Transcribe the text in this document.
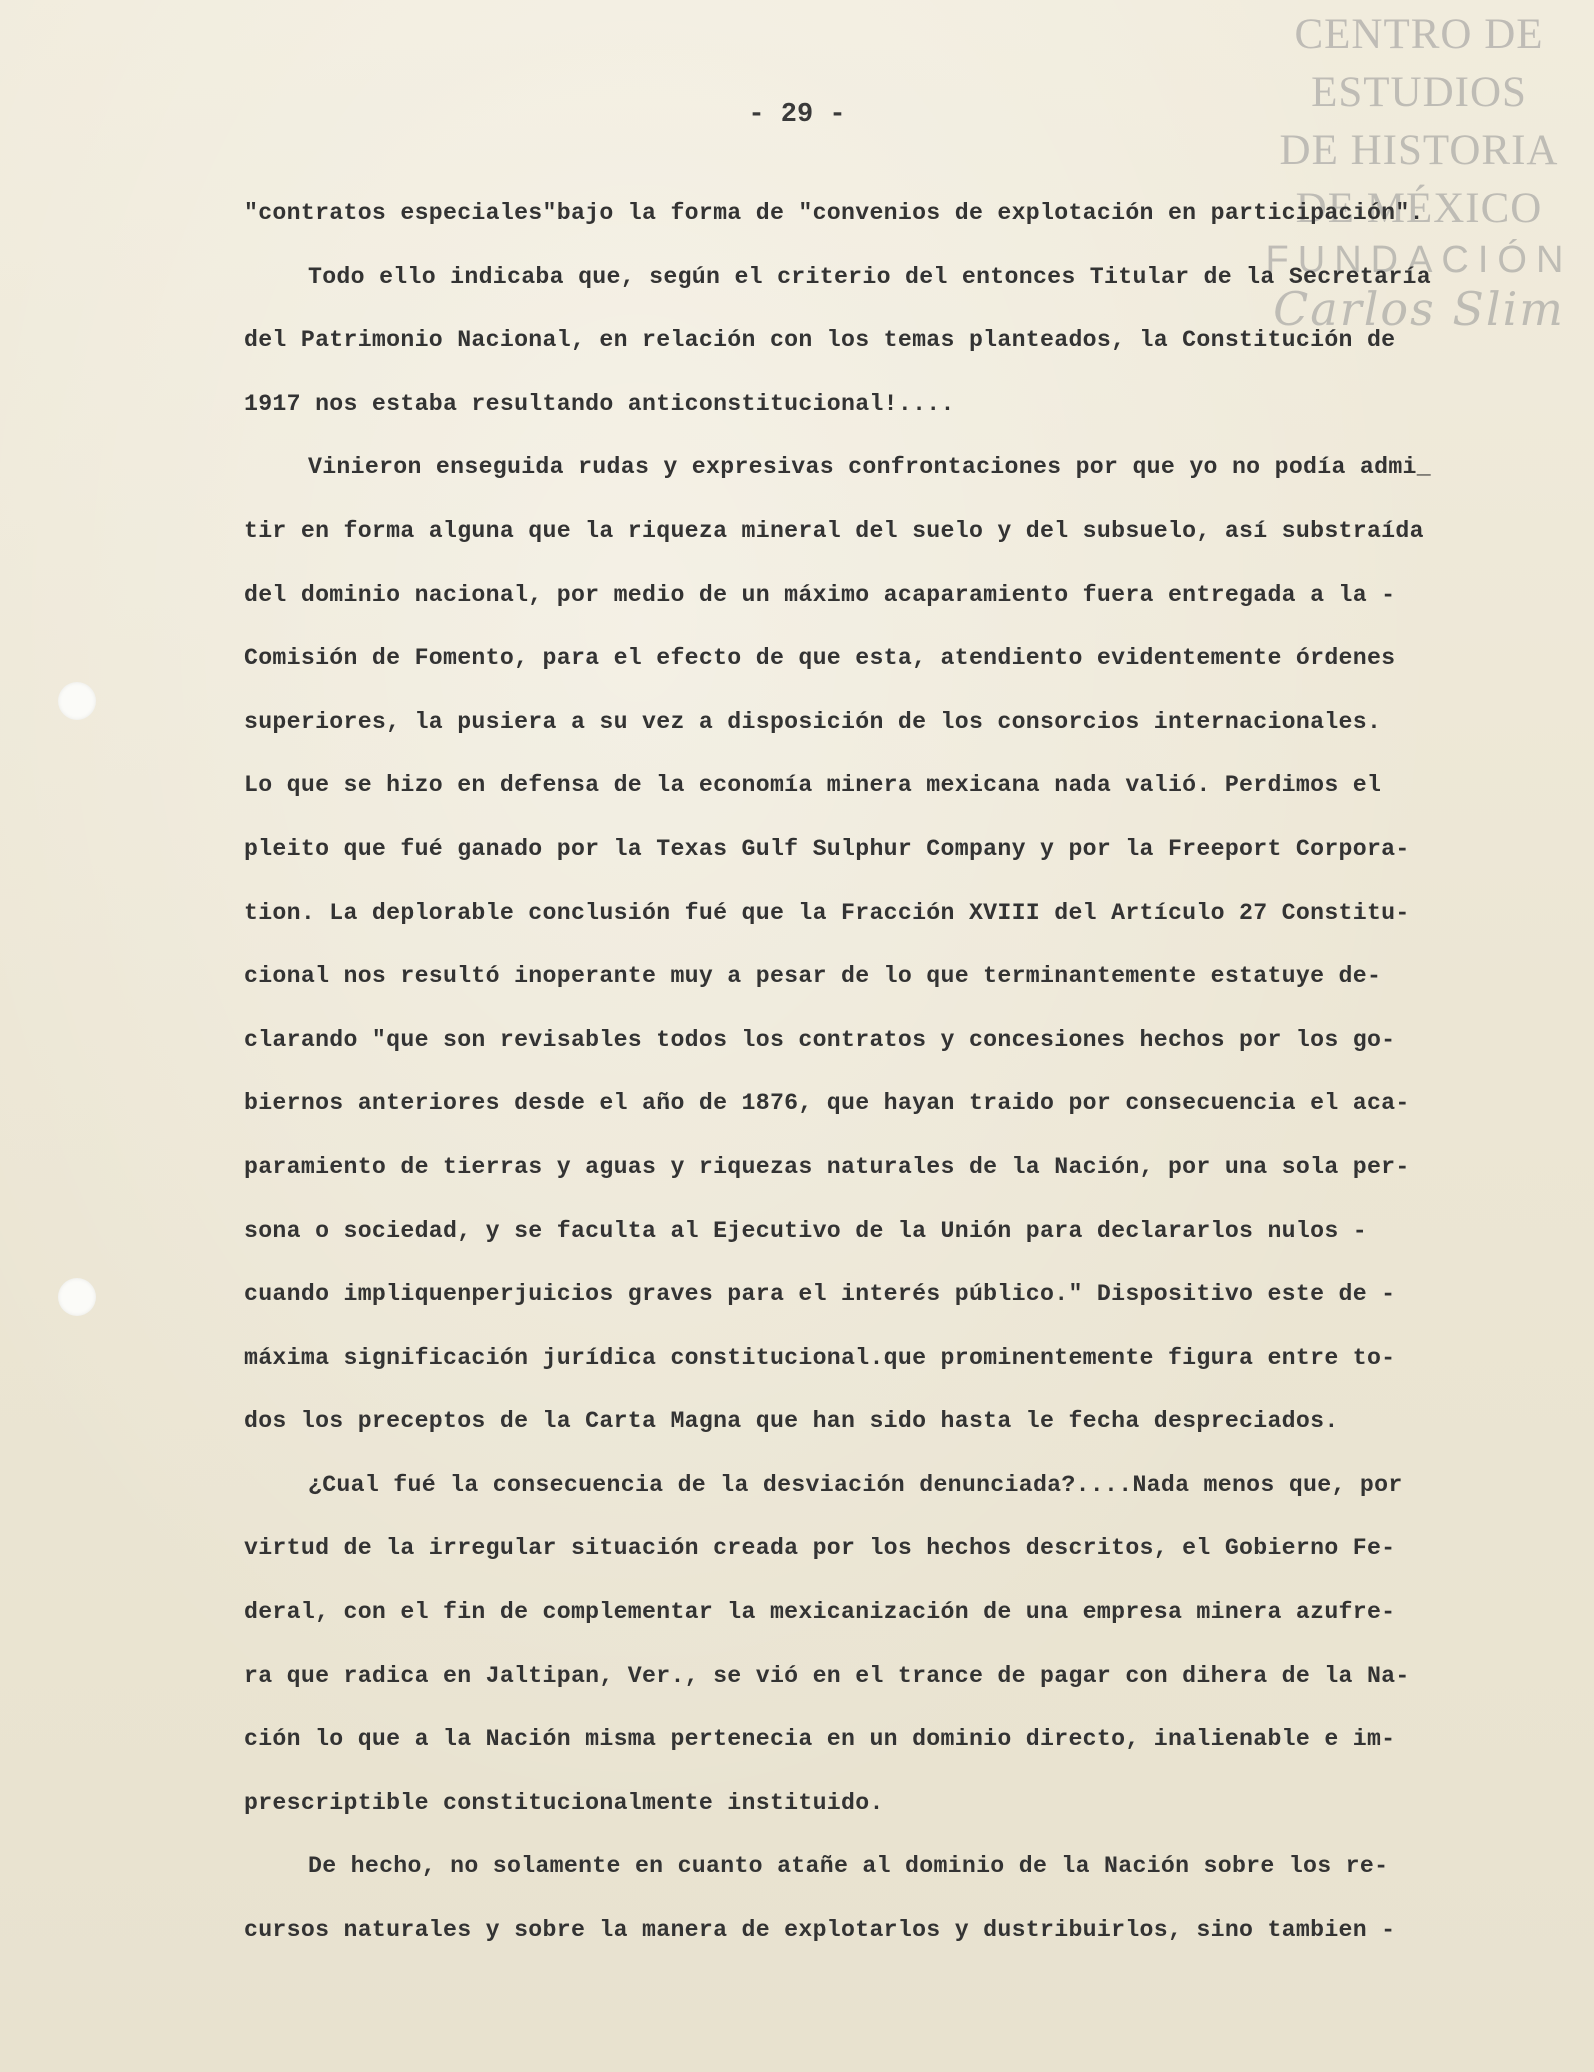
CENTRO DE
ESTUDIOS
DE HISTORIA
DE MÉXICO
FUNDACIÓN
Carlos Slim
- 29 -
"contratos especiales"bajo la forma de "convenios de explotación en participación".
Todo ello indicaba que, según el criterio del entonces Titular de la Secretaría
del Patrimonio Nacional, en relación con los temas planteados, la Constitución de
1917 nos estaba resultando anticonstitucional!....
Vinieron enseguida rudas y expresivas confrontaciones por que yo no podía admi_
tir en forma alguna que la riqueza mineral del suelo y del subsuelo, así substraída
del dominio nacional, por medio de un máximo acaparamiento fuera entregada a la -
Comisión de Fomento, para el efecto de que esta, atendiento evidentemente órdenes
superiores, la pusiera a su vez a disposición de los consorcios internacionales.
Lo que se hizo en defensa de la economía minera mexicana nada valió. Perdimos el
pleito que fué ganado por la Texas Gulf Sulphur Company y por la Freeport Corpora-
tion. La deplorable conclusión fué que la Fracción XVIII del Artículo 27 Constitu-
cional nos resultó inoperante muy a pesar de lo que terminantemente estatuye de-
clarando "que son revisables todos los contratos y concesiones hechos por los go-
biernos anteriores desde el año de 1876, que hayan traido por consecuencia el aca-
paramiento de tierras y aguas y riquezas naturales de la Nación, por una sola per-
sona o sociedad, y se faculta al Ejecutivo de la Unión para declararlos nulos -
cuando impliquenperjuicios graves para el interés público." Dispositivo este de -
máxima significación jurídica constitucional.que prominentemente figura entre to-
dos los preceptos de la Carta Magna que han sido hasta le fecha despreciados.
¿Cual fué la consecuencia de la desviación denunciada?....Nada menos que, por
virtud de la irregular situación creada por los hechos descritos, el Gobierno Fe-
deral, con el fin de complementar la mexicanización de una empresa minera azufre-
ra que radica en Jaltipan, Ver., se vió en el trance de pagar con dihera de la Na-
ción lo que a la Nación misma pertenecia en un dominio directo, inalienable e im-
prescriptible constitucionalmente instituido.
De hecho, no solamente en cuanto atañe al dominio de la Nación sobre los re-
cursos naturales y sobre la manera de explotarlos y dustribuirlos, sino tambien -
